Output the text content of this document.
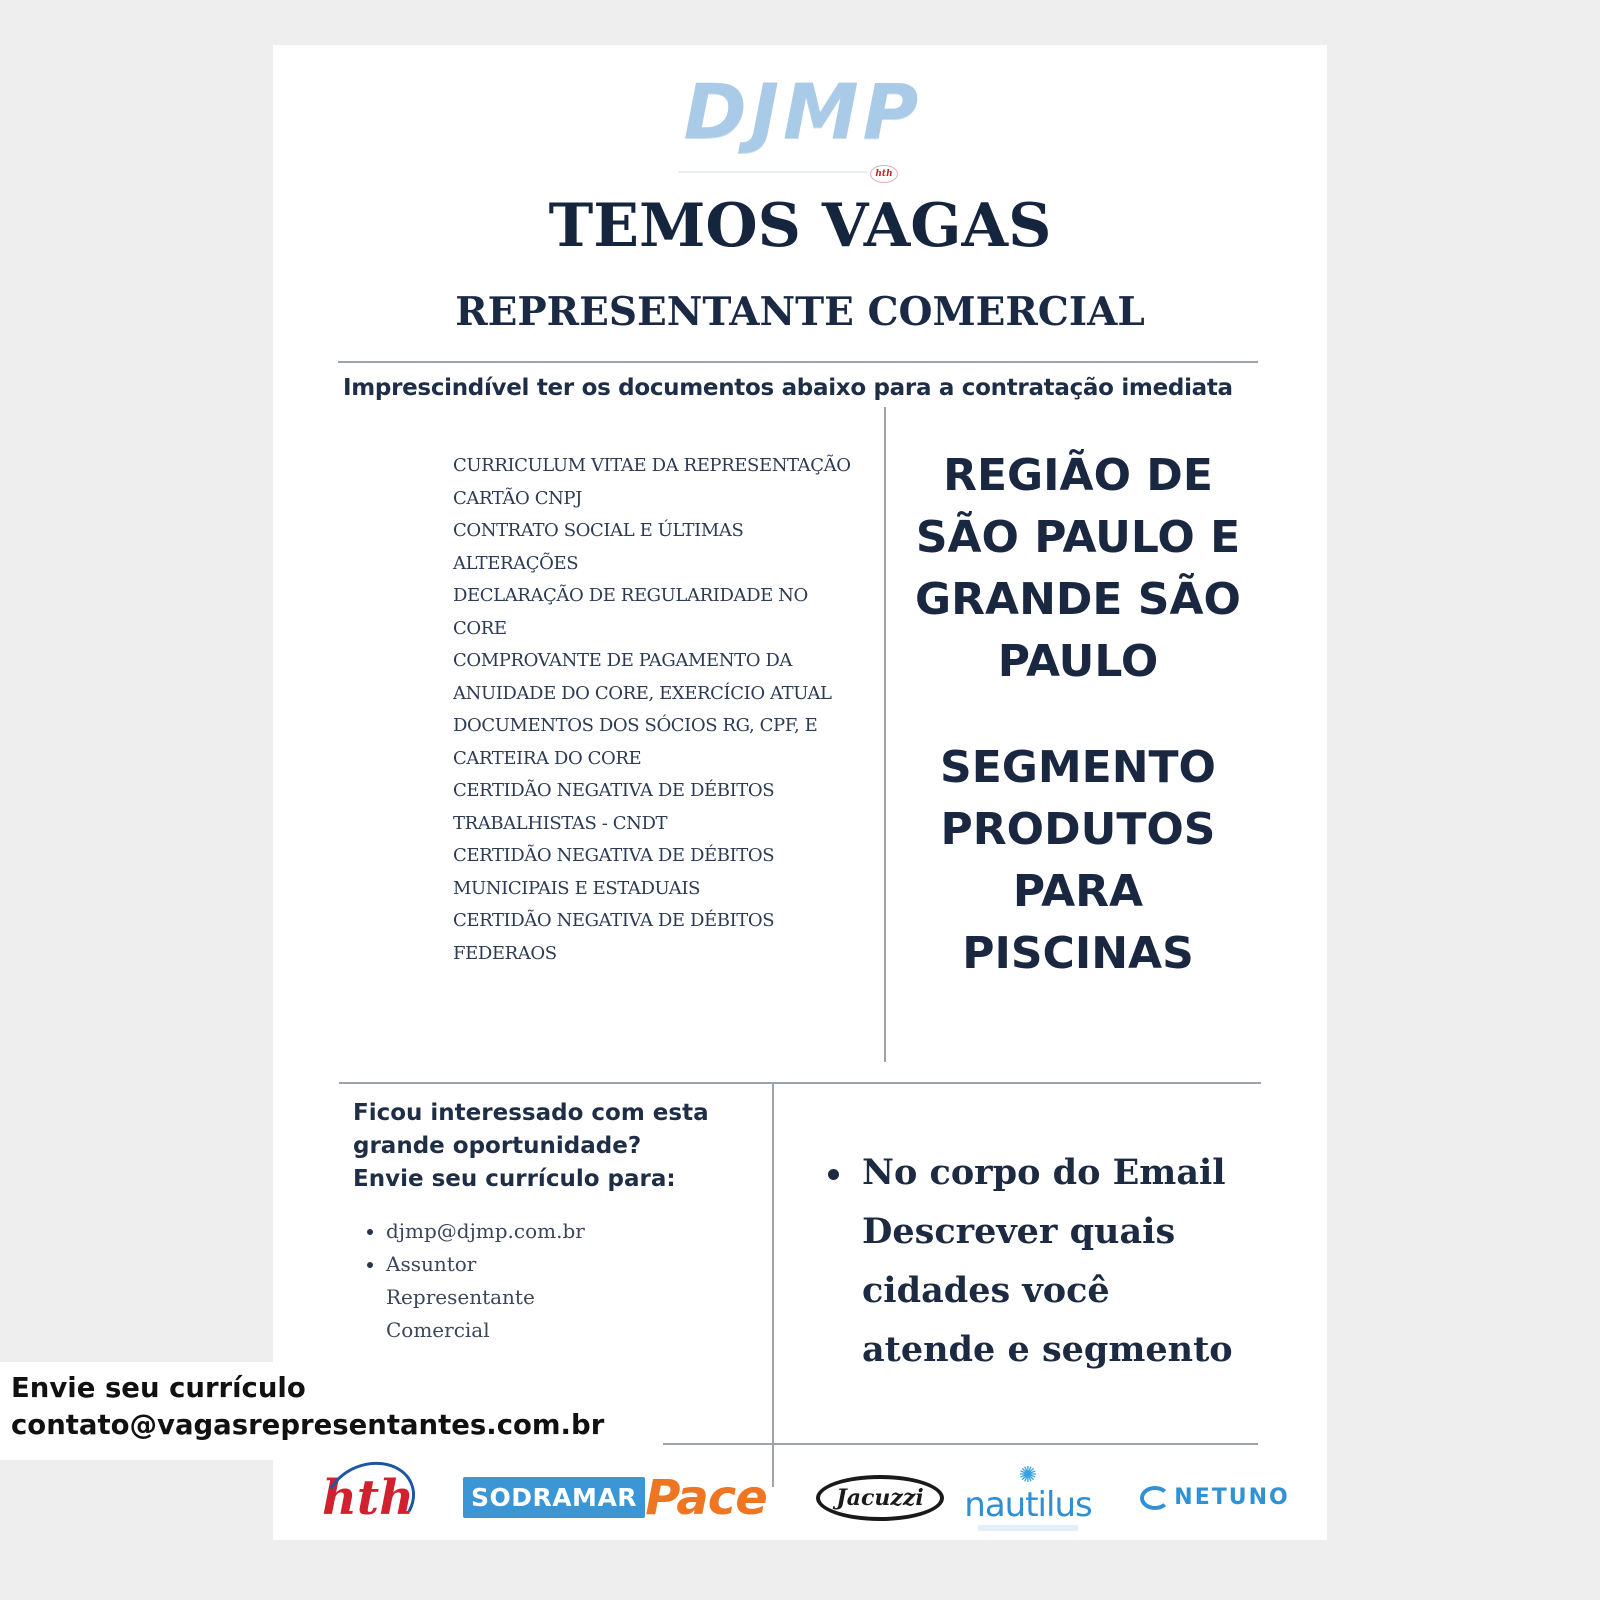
DJMP
hth
TEMOS VAGAS
REPRESENTANTE COMERCIAL
Imprescindível ter os documentos abaixo para a contratação imediata
CURRICULUM VITAE DA REPRESENTAÇÃO
CARTÃO CNPJ
CONTRATO SOCIAL E ÚLTIMAS ALTERAÇÕES
DECLARAÇÃO DE REGULARIDADE NO CORE
COMPROVANTE DE PAGAMENTO DA ANUIDADE DO CORE, EXERCÍCIO ATUAL
DOCUMENTOS DOS SÓCIOS RG, CPF, E CARTEIRA DO CORE
CERTIDÃO NEGATIVA DE DÉBITOS TRABALHISTAS - CNDT
CERTIDÃO NEGATIVA DE DÉBITOS MUNICIPAIS E ESTADUAIS
CERTIDÃO NEGATIVA DE DÉBITOS FEDERAOS
REGIÃO DE
SÃO PAULO E
GRANDE SÃO
PAULO
SEGMENTO
PRODUTOS
PARA
PISCINAS
Ficou interessado com esta
grande oportunidade?
Envie seu currículo para:
djmp@djmp.com.br
Assuntor
Representante
Comercial
No corpo do Email
Descrever quais
cidades você
atende e segmento
hth	SODRAMAR Pace	Jacuzzi
✺
nautilus	NETUNO
Envie seu currículo
contato@vagasrepresentantes.com.br
